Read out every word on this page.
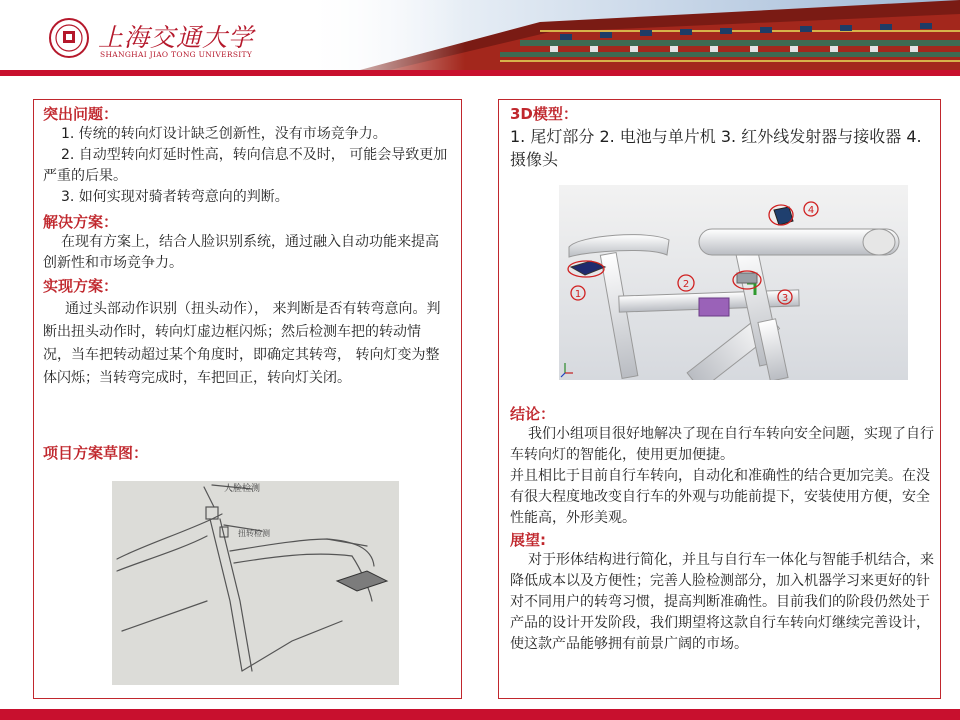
上海交通大学
SHANGHAI JIAO TONG UNIVERSITY
突出问题：

1. 传统的转向灯设计缺乏创新性，没有市场竞争力。

2. 自动型转向灯延时性高，转向信息不及时， 可能会导致更加严重的后果。

3. 如何实现对骑者转弯意向的判断。

解决方案：

在现有方案上，结合人脸识别系统，通过融入自动功能来提高创新性和市场竞争力。

实现方案：

通过头部动作识别（扭头动作）， 来判断是否有转弯意向。判断出扭头动作时，转向灯虚边框闪烁；然后检测车把的转动情况，当车把转动超过某个角度时，即确定其转弯， 转向灯变为整体闪烁；当转弯完成时，车把回正，转向灯关闭。

项目方案草图：
人脸检测
扭转检测
3D模型：

1. 尾灯部分 2. 电池与单片机 3. 红外线发射器与接收器 4. 摄像头

1
2
3
4
结论：

我们小组项目很好地解决了现在自行车转向安全问题，实现了自行车转向灯的智能化，使用更加便捷。

并且相比于目前自行车转向，自动化和准确性的结合更加完美。在没有很大程度地改变自行车的外观与功能前提下，安装使用方便，安全性能高，外形美观。

展望:

对于形体结构进行简化，并且与自行车一体化与智能手机结合，来降低成本以及方便性；完善人脸检测部分，加入机器学习来更好的针对不同用户的转弯习惯，提高判断准确性。目前我们的阶段仍然处于产品的设计开发阶段，我们期望将这款自行车转向灯继续完善设计，使这款产品能够拥有前景广阔的市场。
